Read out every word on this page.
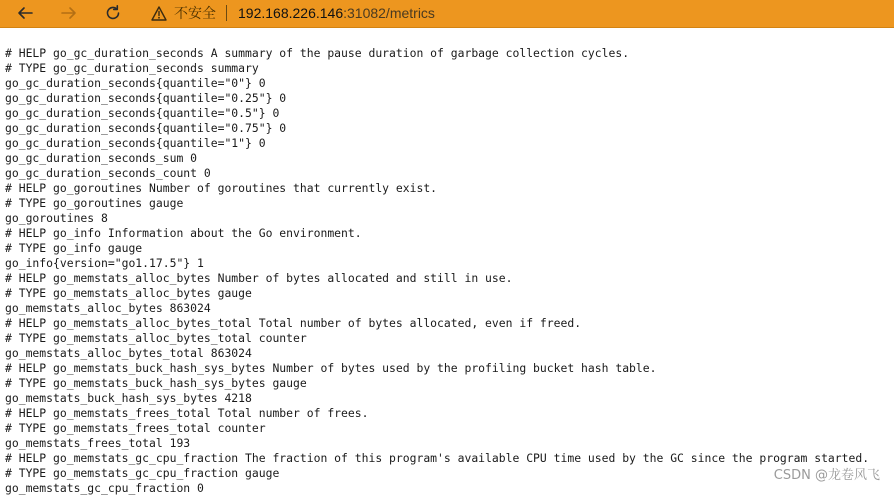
不安全 192.168.226.146:31082/metrics
# HELP go_gc_duration_seconds A summary of the pause duration of garbage collection cycles.
# TYPE go_gc_duration_seconds summary
go_gc_duration_seconds{quantile="0"} 0
go_gc_duration_seconds{quantile="0.25"} 0
go_gc_duration_seconds{quantile="0.5"} 0
go_gc_duration_seconds{quantile="0.75"} 0
go_gc_duration_seconds{quantile="1"} 0
go_gc_duration_seconds_sum 0
go_gc_duration_seconds_count 0
# HELP go_goroutines Number of goroutines that currently exist.
# TYPE go_goroutines gauge
go_goroutines 8
# HELP go_info Information about the Go environment.
# TYPE go_info gauge
go_info{version="go1.17.5"} 1
# HELP go_memstats_alloc_bytes Number of bytes allocated and still in use.
# TYPE go_memstats_alloc_bytes gauge
go_memstats_alloc_bytes 863024
# HELP go_memstats_alloc_bytes_total Total number of bytes allocated, even if freed.
# TYPE go_memstats_alloc_bytes_total counter
go_memstats_alloc_bytes_total 863024
# HELP go_memstats_buck_hash_sys_bytes Number of bytes used by the profiling bucket hash table.
# TYPE go_memstats_buck_hash_sys_bytes gauge
go_memstats_buck_hash_sys_bytes 4218
# HELP go_memstats_frees_total Total number of frees.
# TYPE go_memstats_frees_total counter
go_memstats_frees_total 193
# HELP go_memstats_gc_cpu_fraction The fraction of this program's available CPU time used by the GC since the program started.
# TYPE go_memstats_gc_cpu_fraction gauge
go_memstats_gc_cpu_fraction 0
CSDN @龙卷风飞
